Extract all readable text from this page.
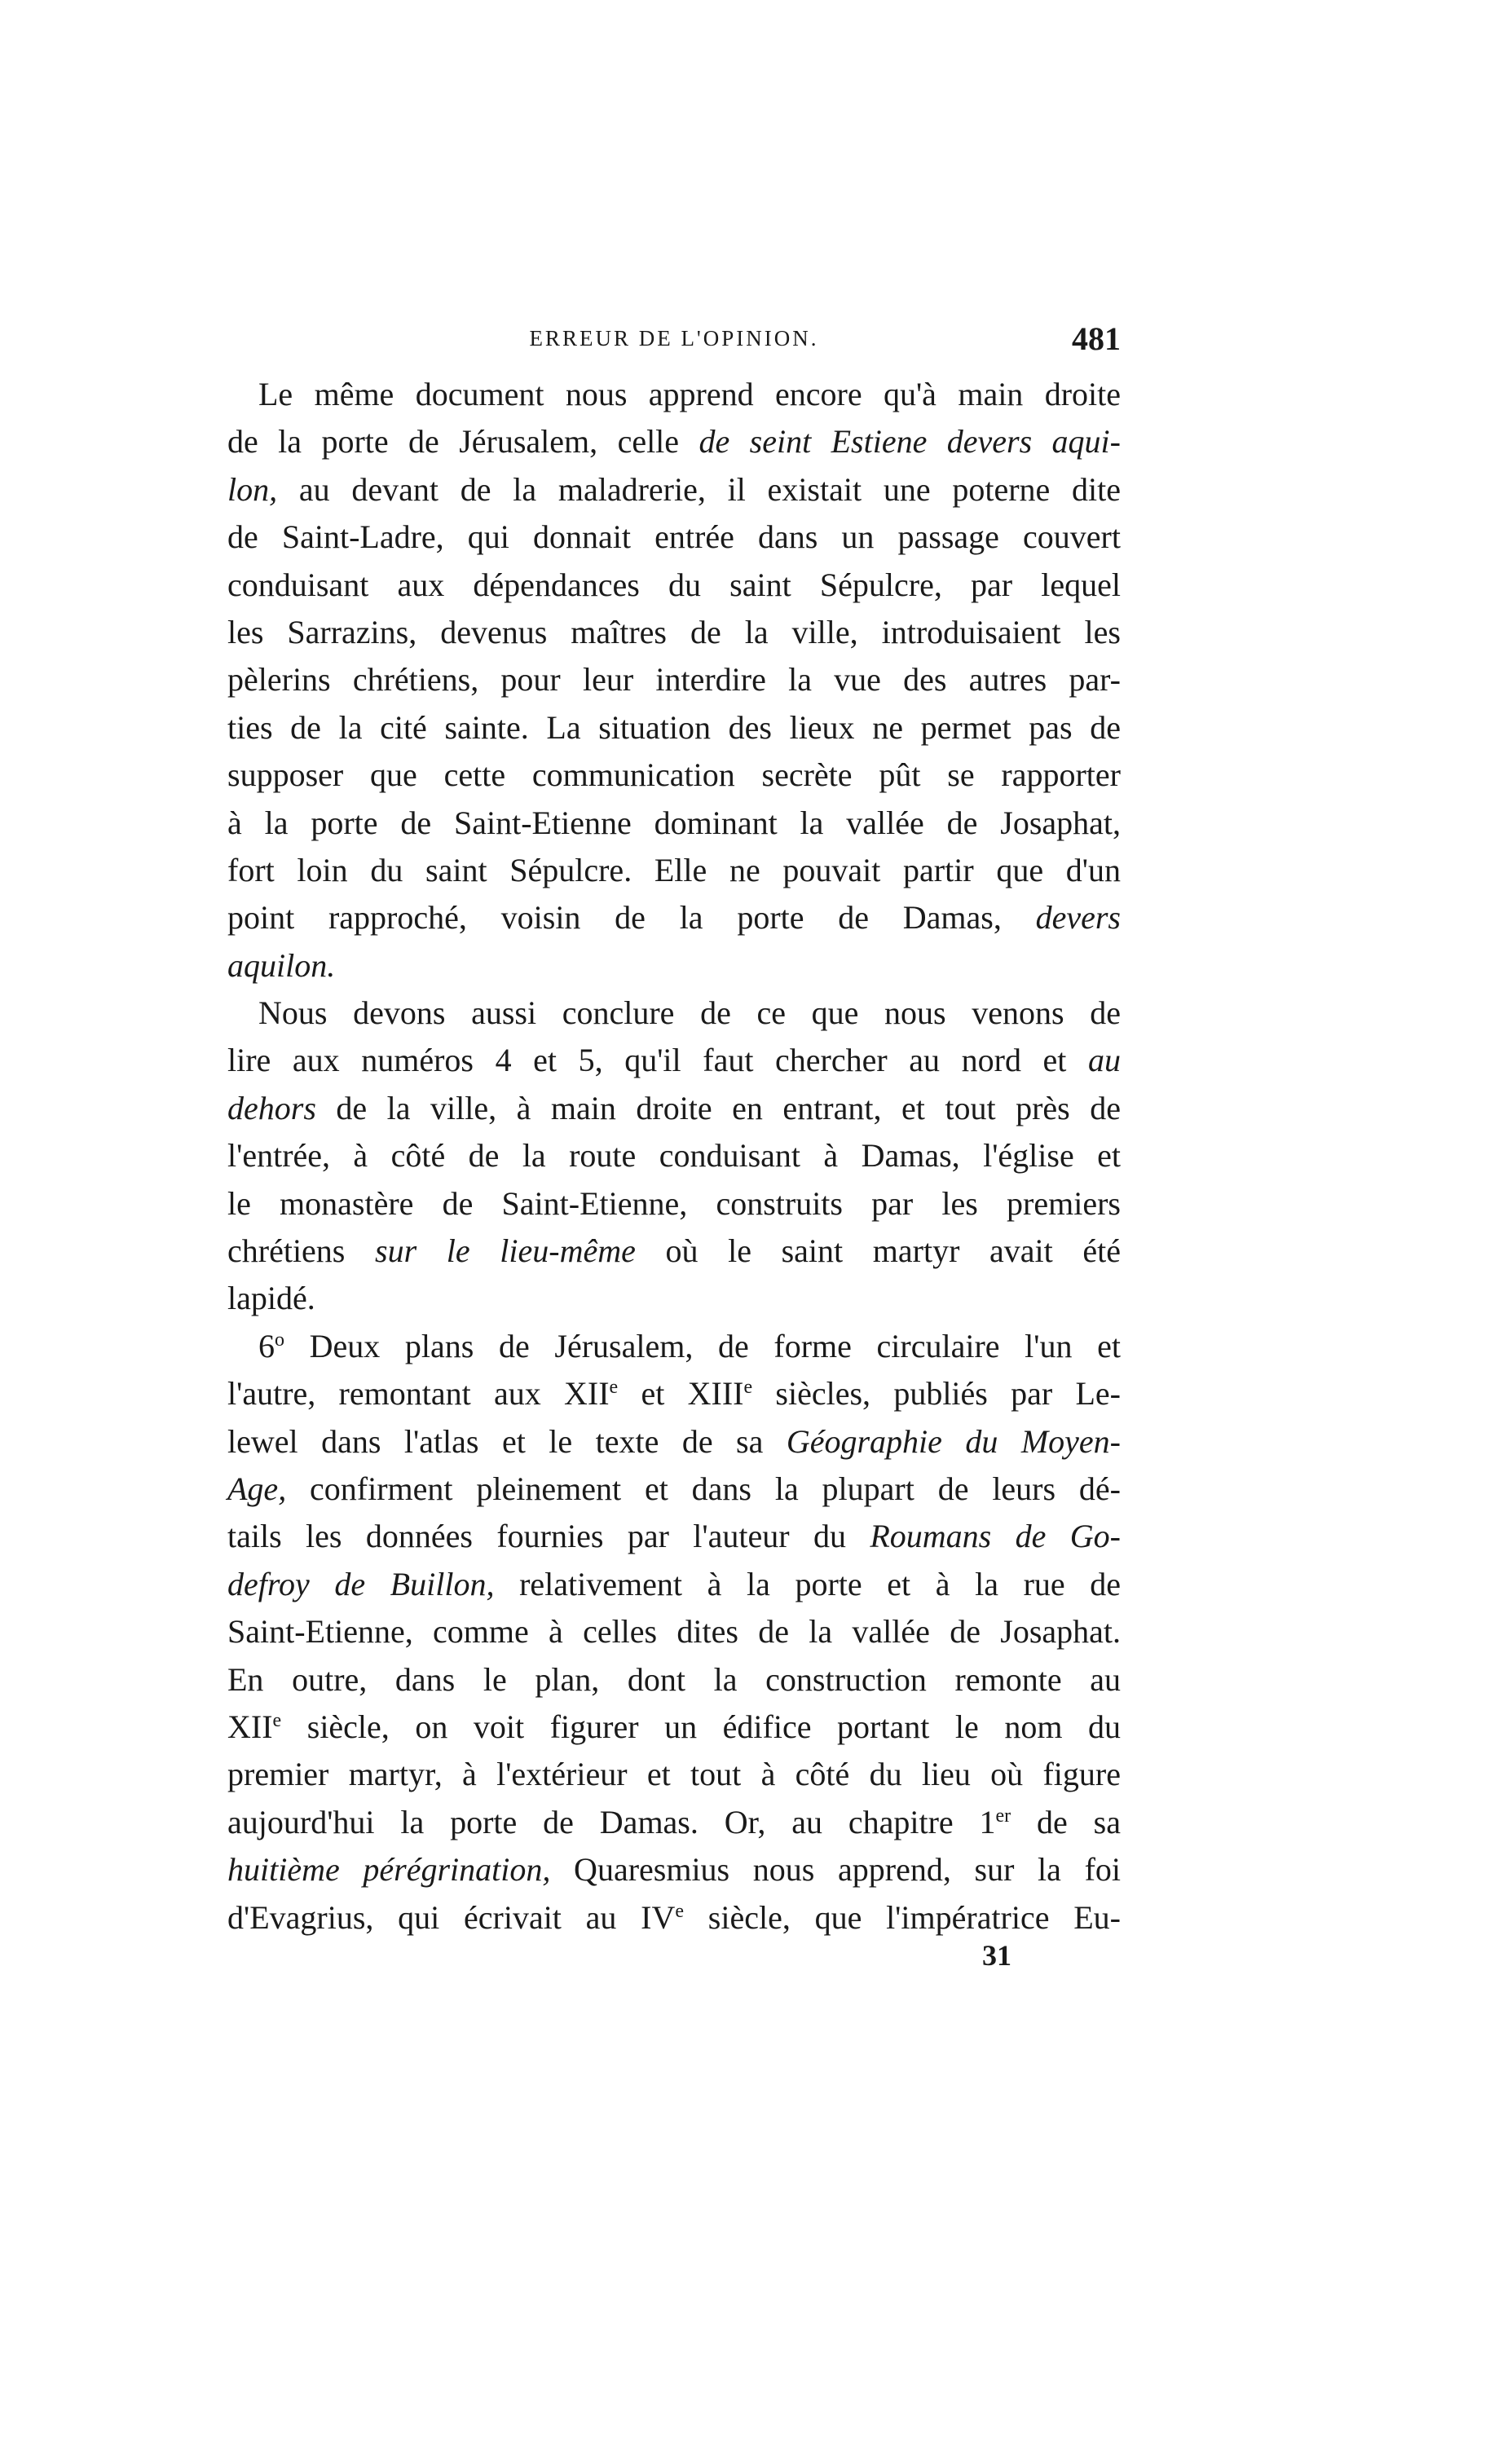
ERREUR DE L'OPINION.	481
Le même document nous apprend encore qu'à main droite
de la porte de Jérusalem, celle de seint Estiene devers aqui-
lon, au devant de la maladrerie, il existait une poterne dite
de Saint-Ladre, qui donnait entrée dans un passage couvert
conduisant aux dépendances du saint Sépulcre, par lequel
les Sarrazins, devenus maîtres de la ville, introduisaient les
pèlerins chrétiens, pour leur interdire la vue des autres par-
ties de la cité sainte. La situation des lieux ne permet pas de
supposer que cette communication secrète pût se rapporter
à la porte de Saint-Etienne dominant la vallée de Josaphat,
fort loin du saint Sépulcre. Elle ne pouvait partir que d'un
point rapproché, voisin de la porte de Damas, devers
aquilon.
Nous devons aussi conclure de ce que nous venons de
lire aux numéros 4 et 5, qu'il faut chercher au nord et au
dehors de la ville, à main droite en entrant, et tout près de
l'entrée, à côté de la route conduisant à Damas, l'église et
le monastère de Saint-Etienne, construits par les premiers
chrétiens sur le lieu-même où le saint martyr avait été
lapidé.
6$^o$ Deux plans de Jérusalem, de forme circulaire l'un et
l'autre, remontant aux XIIe et XIIIe siècles, publiés par Le-
lewel dans l'atlas et le texte de sa Géographie du Moyen-
Age, confirment pleinement et dans la plupart de leurs dé-
tails les données fournies par l'auteur du Roumans de Go-
defroy de Buillon, relativement à la porte et à la rue de
Saint-Etienne, comme à celles dites de la vallée de Josaphat.
En outre, dans le plan, dont la construction remonte au
XIIe siècle, on voit figurer un édifice portant le nom du
premier martyr, à l'extérieur et tout à côté du lieu où figure
aujourd'hui la porte de Damas. Or, au chapitre 1er de sa
huitième pérégrination, Quaresmius nous apprend, sur la foi
d'Evagrius, qui écrivait au IVe siècle, que l'impératrice Eu-
31
